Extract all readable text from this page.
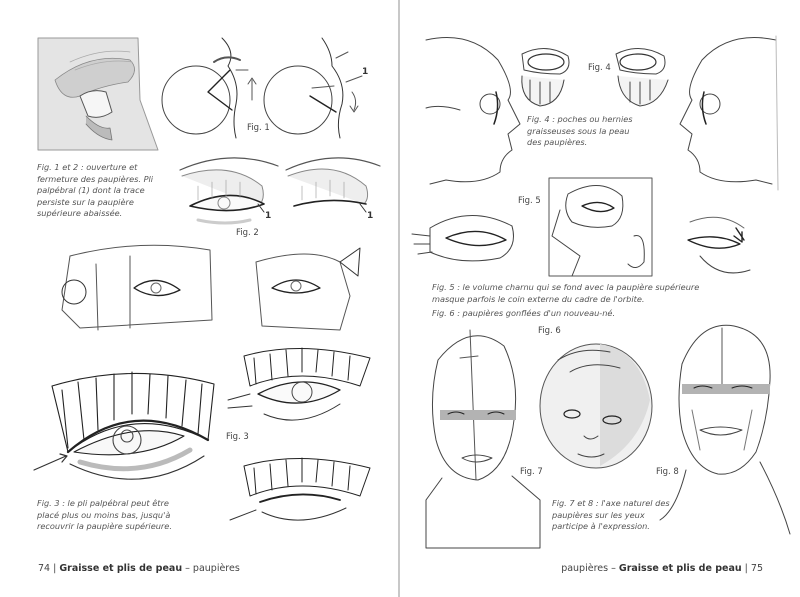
Fig. 1 et 2 : ouverture et fermeture des paupières. Pli palpébral (1) dont la trace persiste sur la paupière supérieure abaissée.
Fig. 3 : le pli palpébral peut être placé plus ou moins bas, jusqu'à recouvrir la paupière supérieure.
Fig. 1
Fig. 2
Fig. 3
1
1	1
74 | Graisse et plis de peau – paupières
Fig. 4 : poches ou hernies graisseuses sous la peau des paupières.
Fig. 5 : le volume charnu qui se fond avec la paupière supérieure masque parfois le coin externe du cadre de l'orbite.
Fig. 6 : paupières gonflées d'un nouveau-né.
Fig. 7 et 8 : l'axe naturel des paupières sur les yeux participe à l'expression.
Fig. 4
Fig. 5
Fig. 6
Fig. 7	Fig. 8
paupières – Graisse et plis de peau | 75
